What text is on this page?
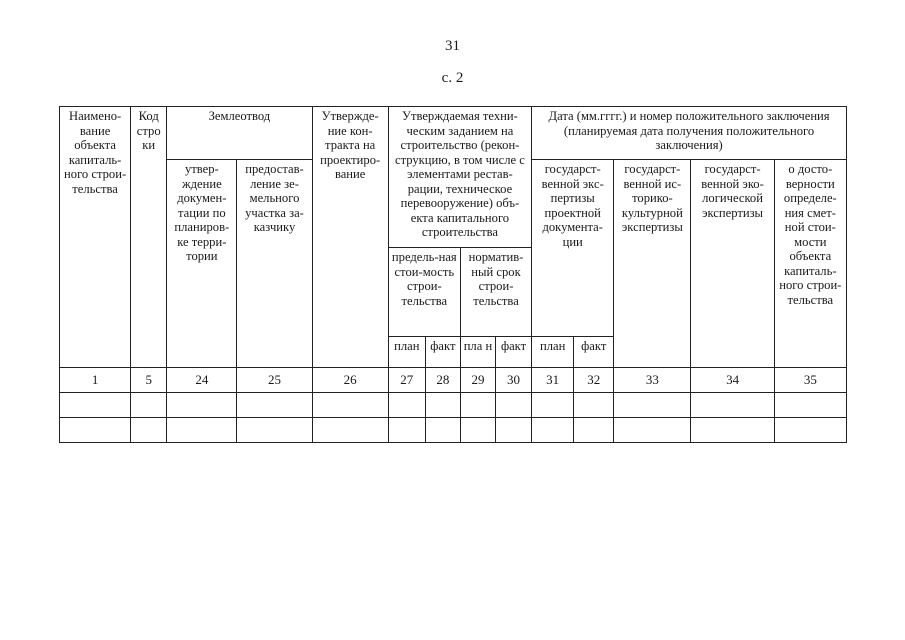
31
с. 2
Наимено-вание объекта капиталь-ного строи-тельства	Код стро ки	Землеотвод		Утвержде-ние кон-тракта на проектиро-вание	Утверждаемая техни-ческим заданием на строительство (рекон-струкцию, в том числе с элементами рестав-рации, техническое перевооружение) объ-екта капитального строительства				Дата (мм.гггг.) и номер положительного заключения (планируемая дата получения положительного заключения)				
		утвер-ждение докумен-тации по планиров-ке терри-тории	предостав-ление зе-мельного участка за-казчику						государст-венной экс-пертизы проектной документа-ции		государст-венной ис-торико-культурной экспертизы	государст-венной эко-логической экспертизы	о досто-верности определе-ния смет-ной стои-мости объекта капиталь-ного строи-тельства
					предель-ная стои-мость строи-тельства		норматив-ный срок строи-тельства						
					план	факт	пла н	факт	план	факт			
1	5	24	25	26	27	28	29	30	31	32	33	34	35
